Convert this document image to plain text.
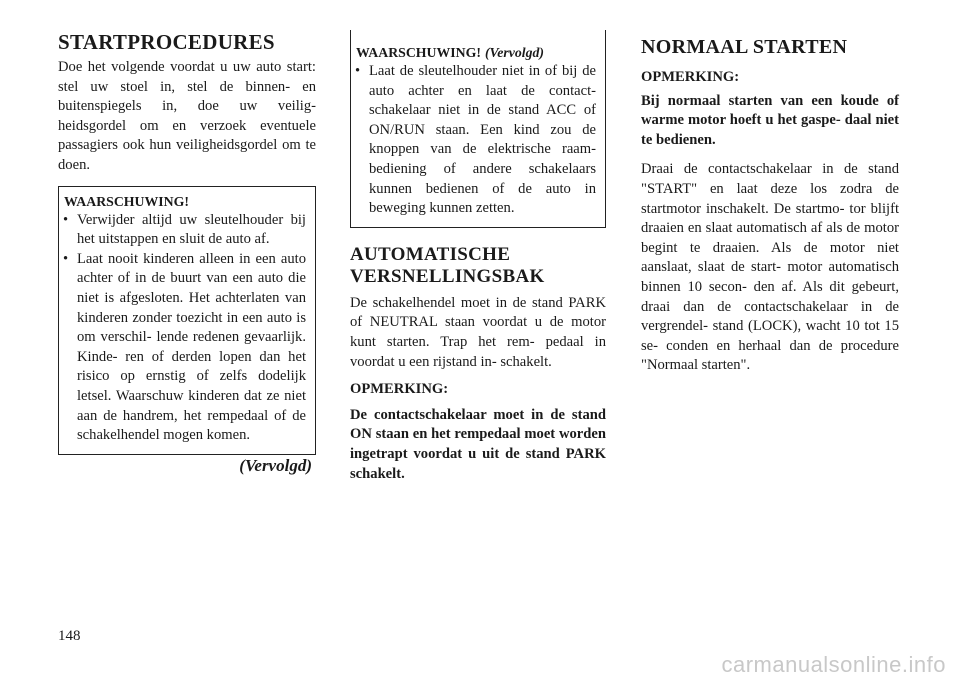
STARTPROCEDURES

Doe het volgende voordat u uw auto start: stel uw stoel in, stel de binnen- en buitenspiegels in, doe uw veilig- heidsgordel om en verzoek eventuele passagiers ook hun veiligheidsgordel om te doen.

WAARSCHUWING!
• Verwijder altijd uw sleutelhouder bij het uitstappen en sluit de auto af.
• Laat nooit kinderen alleen in een auto achter of in de buurt van een auto die niet is afgesloten. Het achterlaten van kinderen zonder toezicht in een auto is om verschil- lende redenen gevaarlijk. Kinde- ren of derden lopen dan het risico op ernstig of zelfs dodelijk letsel. Waarschuw kinderen dat ze niet aan de handrem, het rempedaal of de schakelhendel mogen komen.
(Vervolgd)
WAARSCHUWING! (Vervolgd)
• Laat de sleutelhouder niet in of bij de auto achter en laat de contact- schakelaar niet in de stand ACC of ON/RUN staan. Een kind zou de knoppen van de elektrische raam- bediening of andere schakelaars kunnen bedienen of de auto in beweging kunnen zetten.
AUTOMATISCHE VERSNELLINGSBAK

De schakelhendel moet in de stand PARK of NEUTRAL staan voordat u de motor kunt starten. Trap het rem- pedaal in voordat u een rijstand in- schakelt.

OPMERKING:

De contactschakelaar moet in de stand ON staan en het rempedaal moet worden ingetrapt voordat u uit de stand PARK schakelt.

NORMAAL STARTEN

OPMERKING:

Bij normaal starten van een koude of warme motor hoeft u het gaspe- daal niet te bedienen.

Draai de contactschakelaar in de stand "START" en laat deze los zodra de startmotor inschakelt. De startmo- tor blijft draaien en slaat automatisch af als de motor begint te draaien. Als de motor niet aanslaat, slaat de start- motor automatisch binnen 10 secon- den af. Als dit gebeurt, draai dan de contactschakelaar in de vergrendel- stand (LOCK), wacht 10 tot 15 se- conden en herhaal dan de procedure "Normaal starten".

148
carmanualsonline.info
